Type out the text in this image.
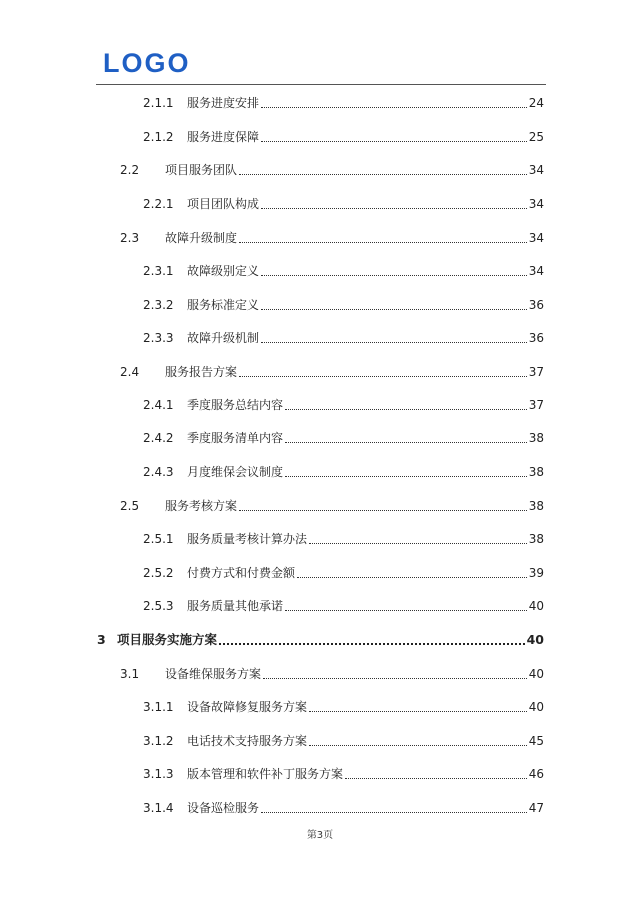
LOGO
2.1.1	服务进度安排	24
2.1.2	服务进度保障	25
2.2	项目服务团队	34
2.2.1	项目团队构成	34
2.3	故障升级制度	34
2.3.1	故障级别定义	34
2.3.2	服务标准定义	36
2.3.3	故障升级机制	36
2.4	服务报告方案	37
2.4.1	季度服务总结内容	37
2.4.2	季度服务清单内容	38
2.4.3	月度维保会议制度	38
2.5	服务考核方案	38
2.5.1	服务质量考核计算办法	38
2.5.2	付费方式和付费金额	39
2.5.3	服务质量其他承诺	40
3 项目服务实施方案	40
3.1	设备维保服务方案	40
3.1.1	设备故障修复服务方案	40
3.1.2	电话技术支持服务方案	45
3.1.3	版本管理和软件补丁服务方案	46
3.1.4	设备巡检服务	47
第3页
